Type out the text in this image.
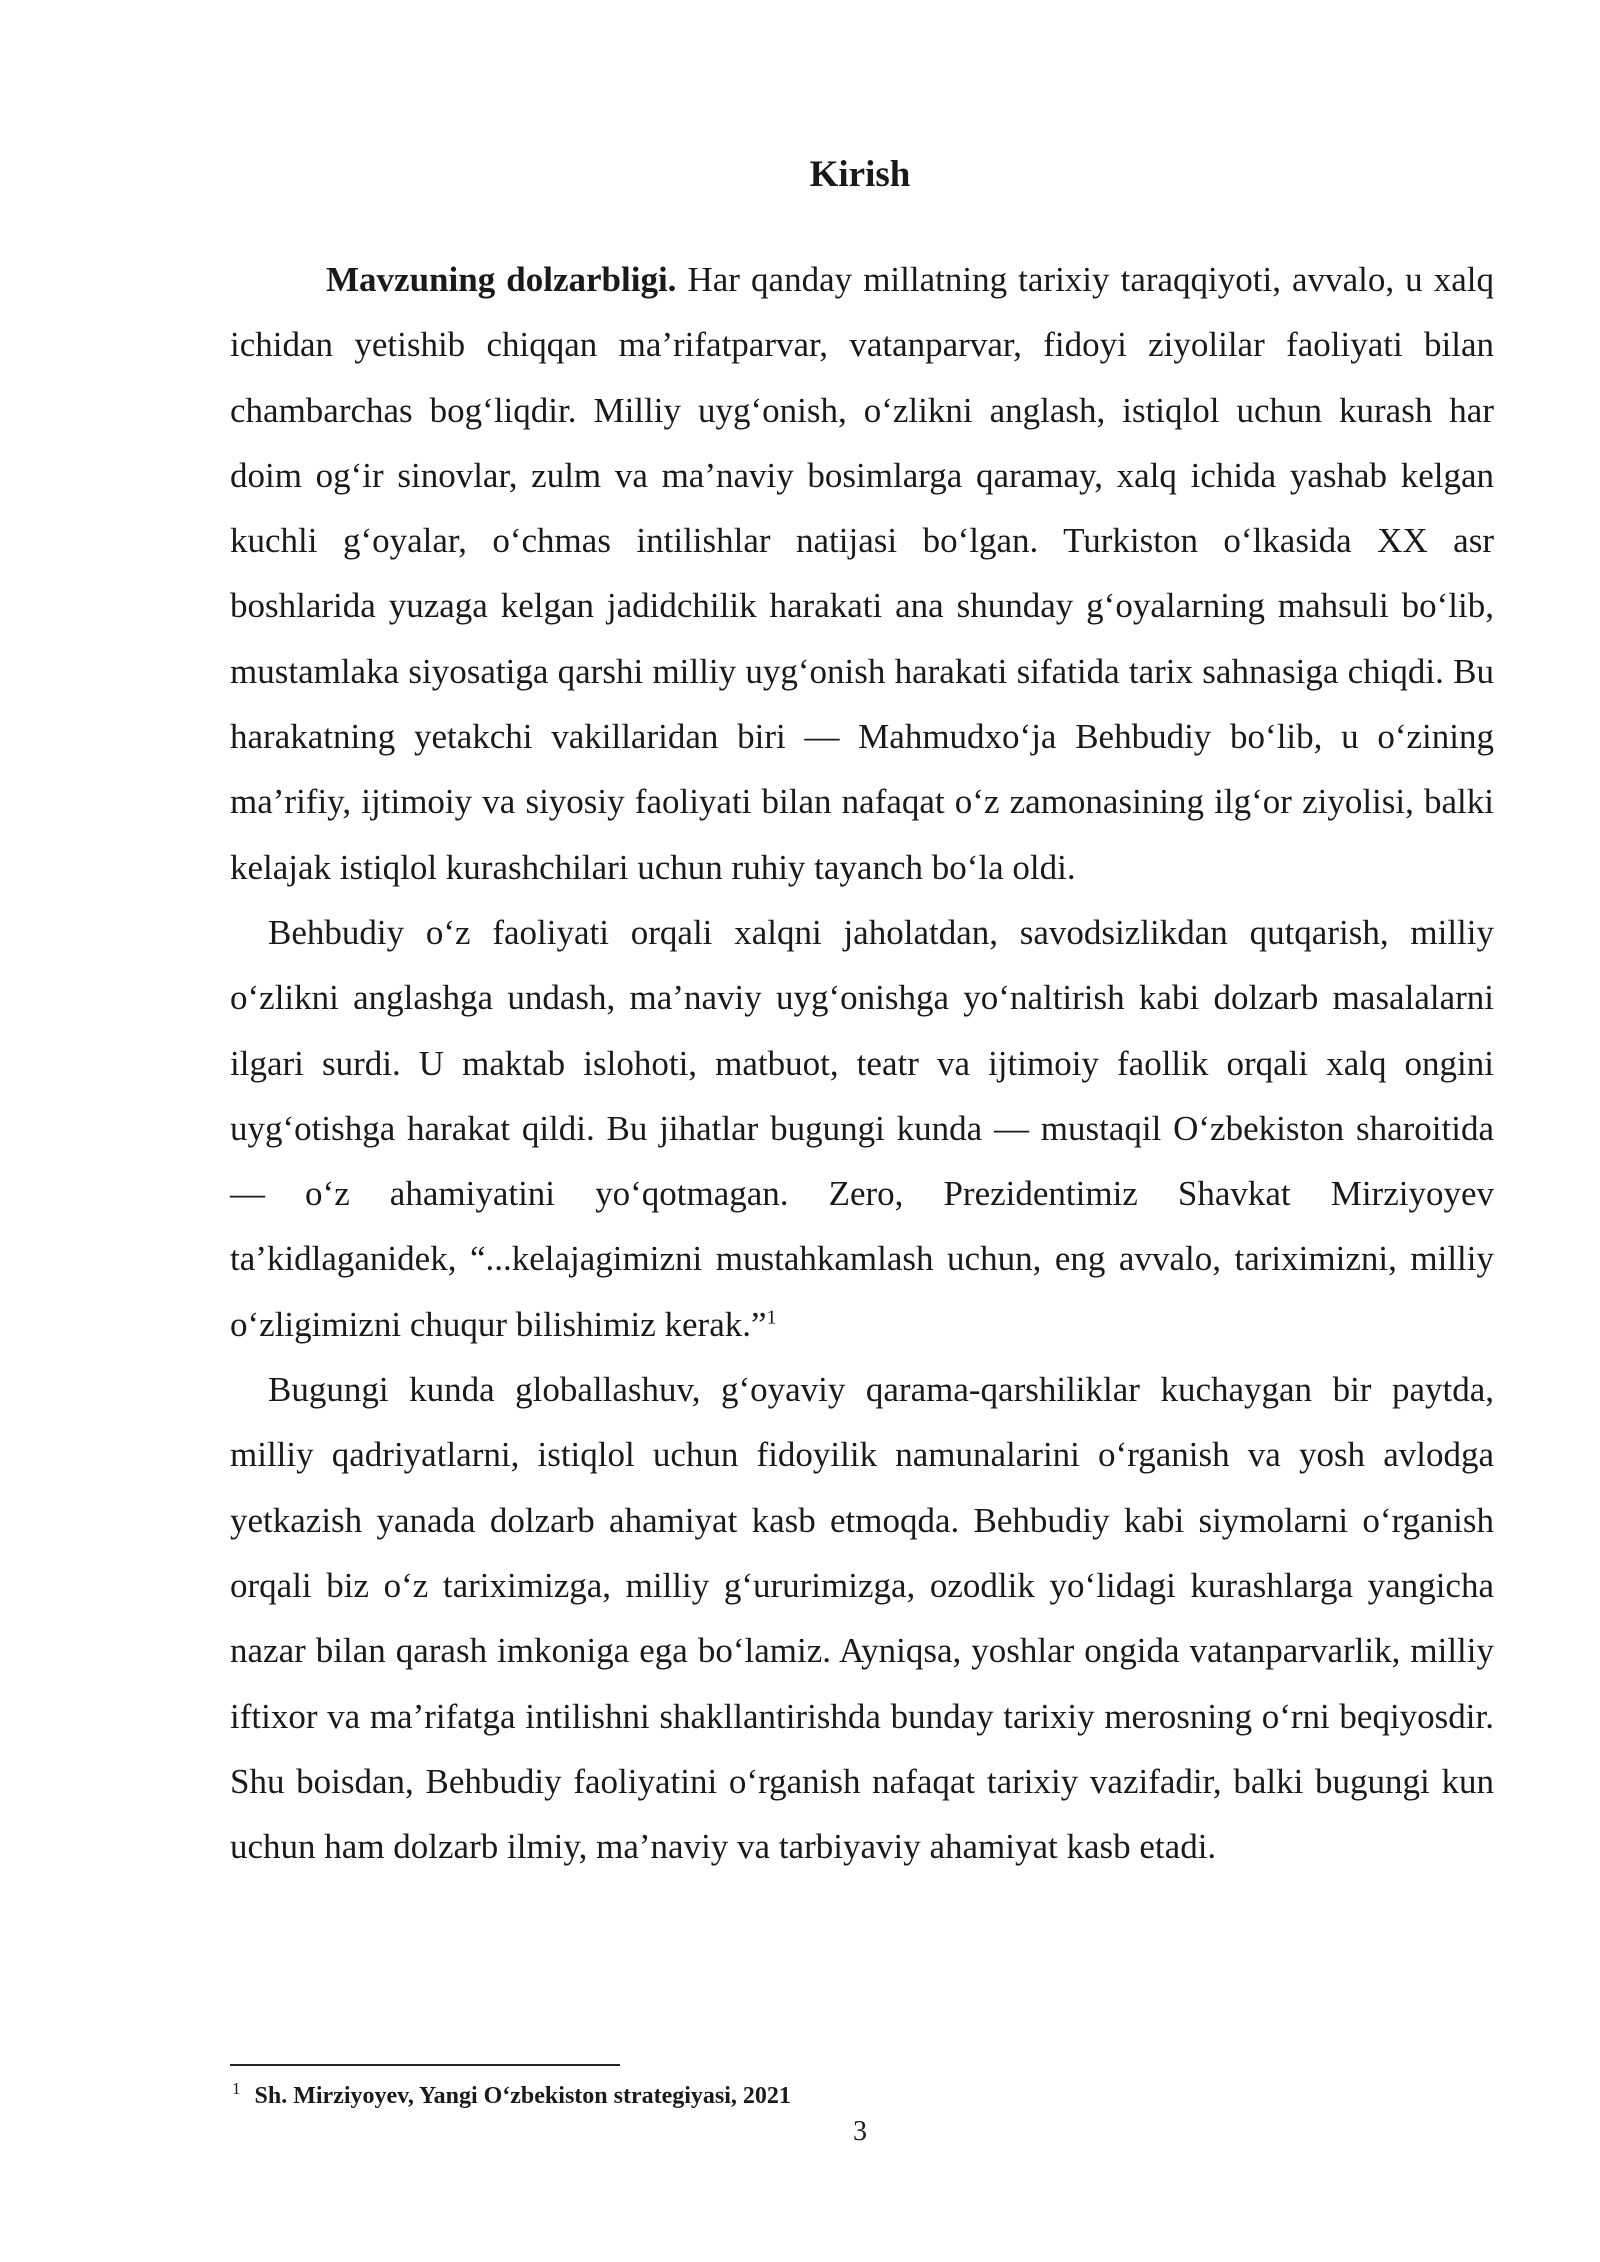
Kirish

Mavzuning dolzarbligi. Har qanday millatning tarixiy taraqqiyoti, avvalo, u xalq ichidan yetishib chiqqan ma’rifatparvar, vatanparvar, fidoyi ziyolilar faoliyati bilan chambarchas bog‘liqdir. Milliy uyg‘onish, o‘zlikni anglash, istiqlol uchun kurash har doim og‘ir sinovlar, zulm va ma’naviy bosimlarga qaramay, xalq ichida yashab kelgan kuchli g‘oyalar, o‘chmas intilishlar natijasi bo‘lgan. Turkiston o‘lkasida XX asr boshlarida yuzaga kelgan jadidchilik harakati ana shunday g‘oyalarning mahsuli bo‘lib, mustamlaka siyosatiga qarshi milliy uyg‘onish harakati sifatida tarix sahnasiga chiqdi. Bu harakatning yetakchi vakillaridan biri — Mahmudxo‘ja Behbudiy bo‘lib, u o‘zining ma’rifiy, ijtimoiy va siyosiy faoliyati bilan nafaqat o‘z zamonasining ilg‘or ziyolisi, balki kelajak istiqlol kurashchilari uchun ruhiy tayanch bo‘la oldi.

Behbudiy o‘z faoliyati orqali xalqni jaholatdan, savodsizlikdan qutqarish, milliy o‘zlikni anglashga undash, ma’naviy uyg‘onishga yo‘naltirish kabi dolzarb masalalarni ilgari surdi. U maktab islohoti, matbuot, teatr va ijtimoiy faollik orqali xalq ongini uyg‘otishga harakat qildi. Bu jihatlar bugungi kunda — mustaqil O‘zbekiston sharoitida — o‘z ahamiyatini yo‘qotmagan. Zero, Prezidentimiz Shavkat Mirziyoyev ta’kidlaganidek, “...kelajagimizni mustahkamlash uchun, eng avvalo, tariximizni, milliy o‘zligimizni chuqur bilishimiz kerak.”$^1$

Bugungi kunda globallashuv, g‘oyaviy qarama-qarshiliklar kuchaygan bir paytda, milliy qadriyatlarni, istiqlol uchun fidoyilik namunalarini o‘rganish va yosh avlodga yetkazish yanada dolzarb ahamiyat kasb etmoqda. Behbudiy kabi siymolarni o‘rganish orqali biz o‘z tariximizga, milliy g‘ururimizga, ozodlik yo‘lidagi kurashlarga yangicha nazar bilan qarash imkoniga ega bo‘lamiz. Ayniqsa, yoshlar ongida vatanparvarlik, milliy iftixor va ma’rifatga intilishni shakllantirishda bunday tarixiy merosning o‘rni beqiyosdir. Shu boisdan, Behbudiy faoliyatini o‘rganish nafaqat tarixiy vazifadir, balki bugungi kun uchun ham dolzarb ilmiy, ma’naviy va tarbiyaviy ahamiyat kasb etadi.

$^1$ Sh. Mirziyoyev, Yangi O‘zbekiston strategiyasi, 2021

3
